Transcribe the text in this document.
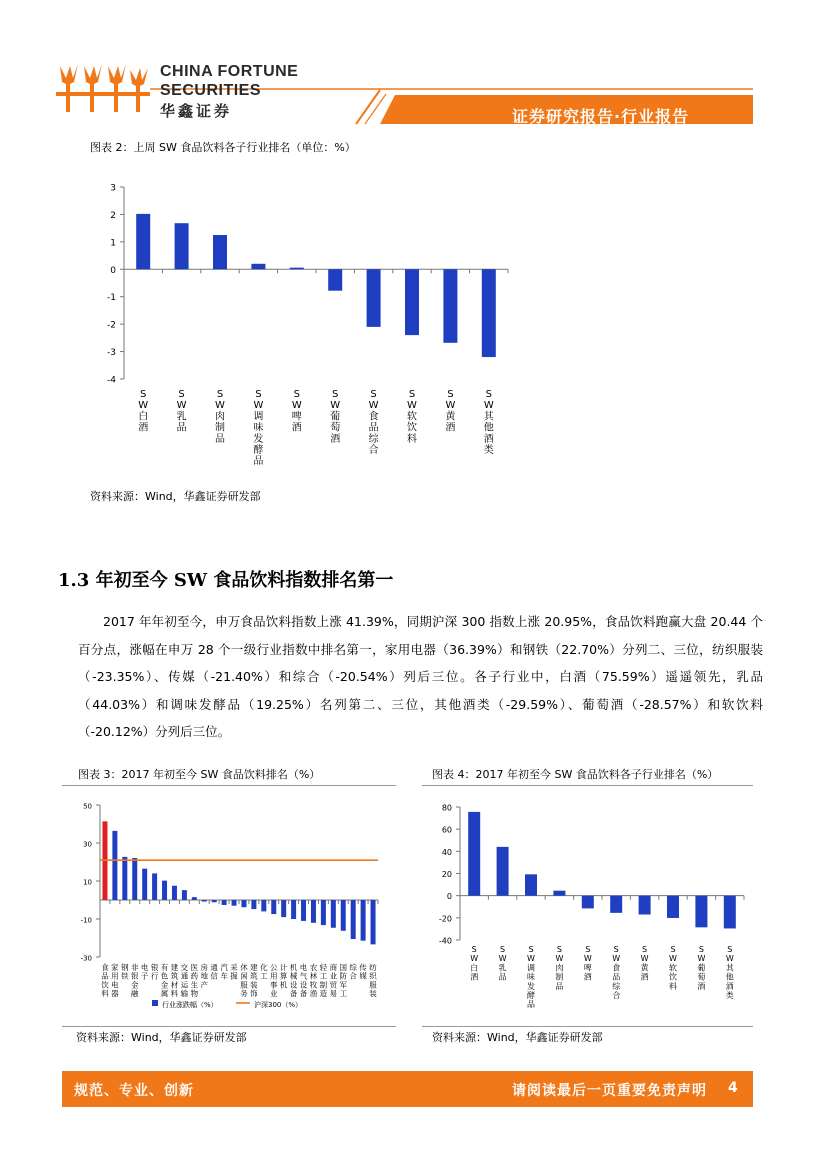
CHINA FORTUNE
SECURITIES
华鑫证券	证券研究报告·行业报告
图表 2：上周 SW 食品饮料各子行业排名（单位：%）
3
2
1
0
-1
-2
-3
-4
S
W
白
酒
S
W
乳
品
S
W
肉
制
品
S
W
调
味
发
酵
品
S
W
啤
酒
S
W
葡
萄
酒
S
W
食
品
综
合
S
W
软
饮
料
S
W
黄
酒
S
W
其
他
酒
类
资料来源：Wind，华鑫证券研发部
1.3 年初至今 SW 食品饮料指数排名第一
2017 年年初至今，申万食品饮料指数上涨 41.39%，同期沪深 300 指数上涨 20.95%，食品饮料跑赢大盘 20.44 个百分点，涨幅在申万 28 个一级行业指数中排名第一，家用电器（36.39%）和钢铁（22.70%）分列二、三位，纺织服装（-23.35%）、传媒（-21.40%）和综合（-20.54%）列后三位。各子行业中，白酒（75.59%）遥遥领先，乳品（44.03%）和调味发酵品（19.25%）名列第二、三位，其他酒类（-29.59%）、葡萄酒（-28.57%）和软饮料（-20.12%）分列后三位。
图表 3：2017 年初至今 SW 食品饮料排名（%）
50
30
10
-10
-30
食
品
饮
料
家
用
电
器
钢
铁
非
银
金
融
电
子
银
行
有
色
金
属
建
筑
材
料
交
通
运
输
医
药
生
物
房
地
产
通
信
汽
车
采
掘
休
闲
服
务
建
筑
装
饰
化
工
公
用
事
业
计
算
机
机
械
设
备
电
气
设
备
农
林
牧
渔
轻
工
制
造
商
业
贸
易
国
防
军
工
综
合
传
媒
纺
织
服
装
行业涨跌幅（%）	沪深300（%）
资料来源：Wind，华鑫证券研发部
图表 4：2017 年初至今 SW 食品饮料各子行业排名（%）
80
60
40
20
0
-20
-40
S
W
白
酒
S
W
乳
品
S
W
调
味
发
酵
品
S
W
肉
制
品
S
W
啤
酒
S
W
食
品
综
合
S
W
黄
酒
S
W
软
饮
料
S
W
葡
萄
酒
S
W
其
他
酒
类
资料来源：Wind，华鑫证券研发部
规范、专业、创新	请阅读最后一页重要免责声明 4
